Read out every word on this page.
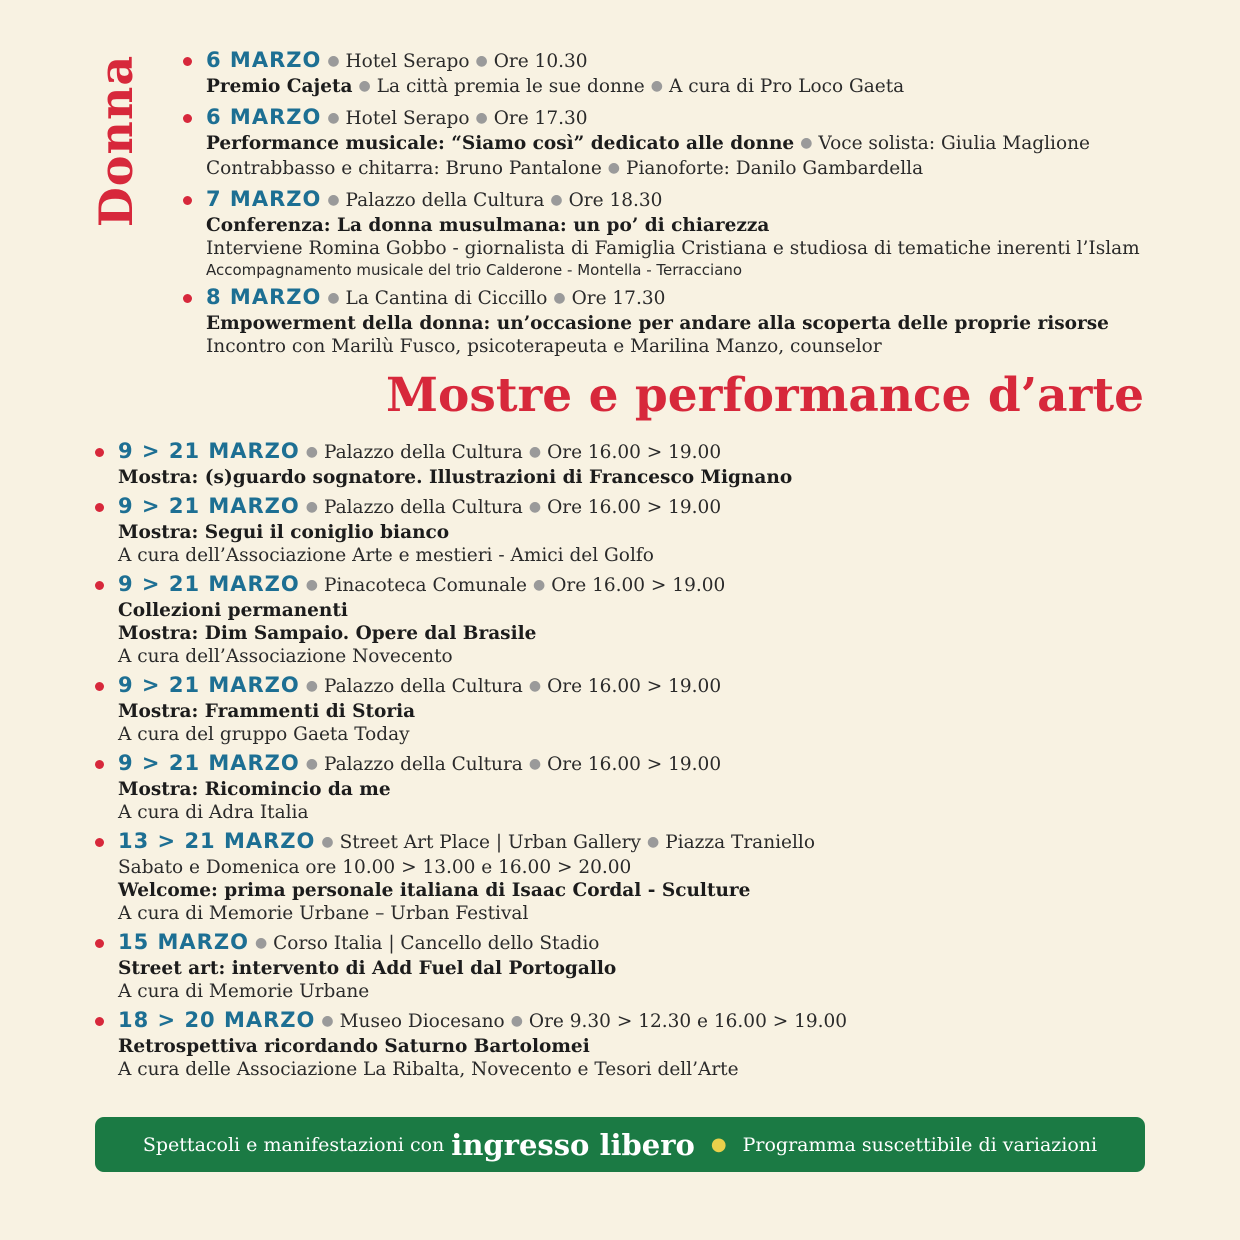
Donna	6 MARZO ● Hotel Serapo ● Ore 10.30
Premio Cajeta ● La città premia le sue donne ● A cura di Pro Loco Gaeta
6 MARZO ● Hotel Serapo ● Ore 17.30
Performance musicale: “Siamo così” dedicato alle donne ● Voce solista: Giulia Maglione
Contrabbasso e chitarra: Bruno Pantalone ● Pianoforte: Danilo Gambardella
7 MARZO ● Palazzo della Cultura ● Ore 18.30
Conferenza: La donna musulmana: un po’ di chiarezza
Interviene Romina Gobbo - giornalista di Famiglia Cristiana e studiosa di tematiche inerenti l’Islam
Accompagnamento musicale del trio Calderone - Montella - Terracciano
8 MARZO ● La Cantina di Ciccillo ● Ore 17.30
Empowerment della donna: un’occasione per andare alla scoperta delle proprie risorse
Incontro con Marilù Fusco, psicoterapeuta e Marilina Manzo, counselor
Mostre e performance d’arte
9 > 21 MARZO ● Palazzo della Cultura ● Ore 16.00 > 19.00
Mostra: (s)guardo sognatore. Illustrazioni di Francesco Mignano
9 > 21 MARZO ● Palazzo della Cultura ● Ore 16.00 > 19.00
Mostra: Segui il coniglio bianco
A cura dell’Associazione Arte e mestieri - Amici del Golfo
9 > 21 MARZO ● Pinacoteca Comunale ● Ore 16.00 > 19.00
Collezioni permanenti
Mostra: Dim Sampaio. Opere dal Brasile
A cura dell’Associazione Novecento
9 > 21 MARZO ● Palazzo della Cultura ● Ore 16.00 > 19.00
Mostra: Frammenti di Storia
A cura del gruppo Gaeta Today
9 > 21 MARZO ● Palazzo della Cultura ● Ore 16.00 > 19.00
Mostra: Ricomincio da me
A cura di Adra Italia
13 > 21 MARZO ● Street Art Place | Urban Gallery ● Piazza Traniello
Sabato e Domenica ore 10.00 > 13.00 e 16.00 > 20.00
Welcome: prima personale italiana di Isaac Cordal - Sculture
A cura di Memorie Urbane – Urban Festival
15 MARZO ● Corso Italia | Cancello dello Stadio
Street art: intervento di Add Fuel dal Portogallo
A cura di Memorie Urbane
18 > 20 MARZO ● Museo Diocesano ● Ore 9.30 > 12.30 e 16.00 > 19.00
Retrospettiva ricordando Saturno Bartolomei
A cura delle Associazione La Ribalta, Novecento e Tesori dell’Arte
Spettacoli e manifestazioni con ingresso libero ● Programma suscettibile di variazioni
